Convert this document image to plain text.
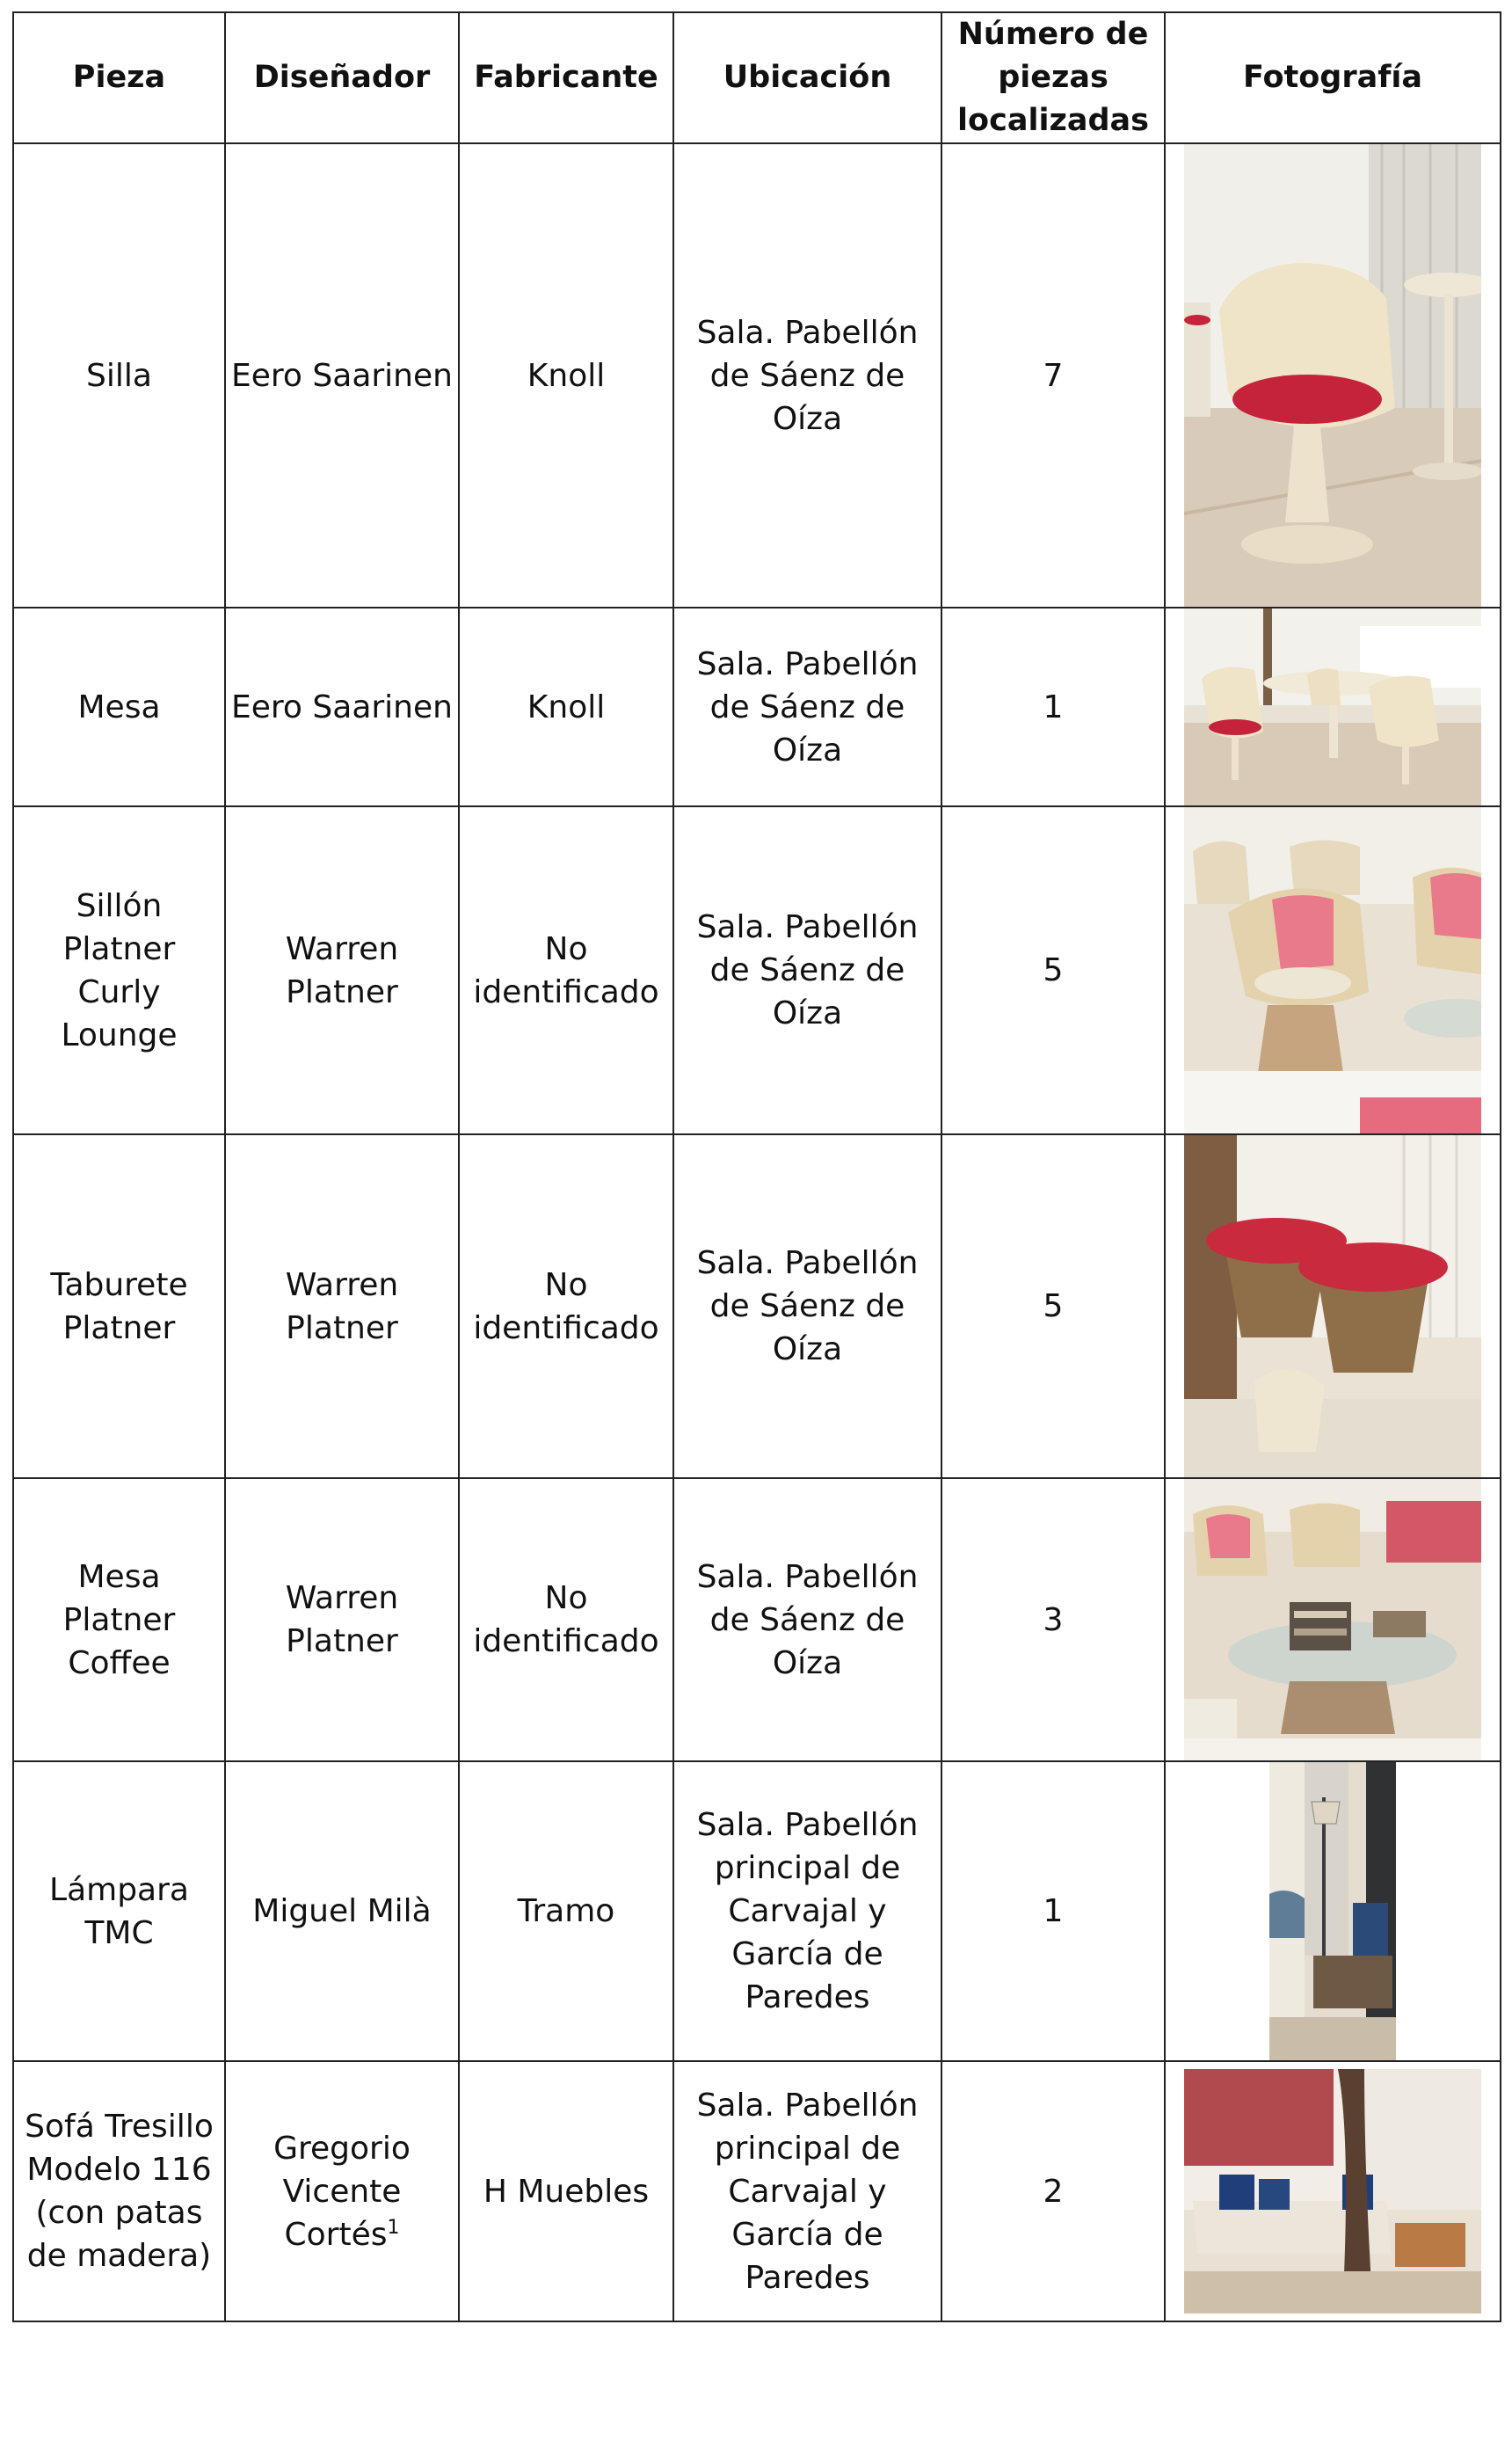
Pieza	Diseñador	Fabricante	Ubicación	Número de piezas localizadas	Fotografía
Silla	Eero Saarinen	Knoll	Sala. Pabellón de Sáenz de Oíza	7	

Mesa	Eero Saarinen	Knoll	Sala. Pabellón de Sáenz de Oíza	1	

Sillón Platner Curly Lounge	Warren Platner	No identificado	Sala. Pabellón de Sáenz de Oíza	5	

Taburete Platner	Warren Platner	No identificado	Sala. Pabellón de Sáenz de Oíza	5	

Mesa Platner Coffee	Warren Platner	No identificado	Sala. Pabellón de Sáenz de Oíza	3	

Lámpara TMC	Miguel Milà	Tramo	Sala. Pabellón principal de Carvajal y García de Paredes	1	

Sofá Tresillo Modelo 116 (con patas de madera)	Gregorio Vicente Cortés$^1$	H Muebles	Sala. Pabellón principal de Carvajal y García de Paredes	2	
